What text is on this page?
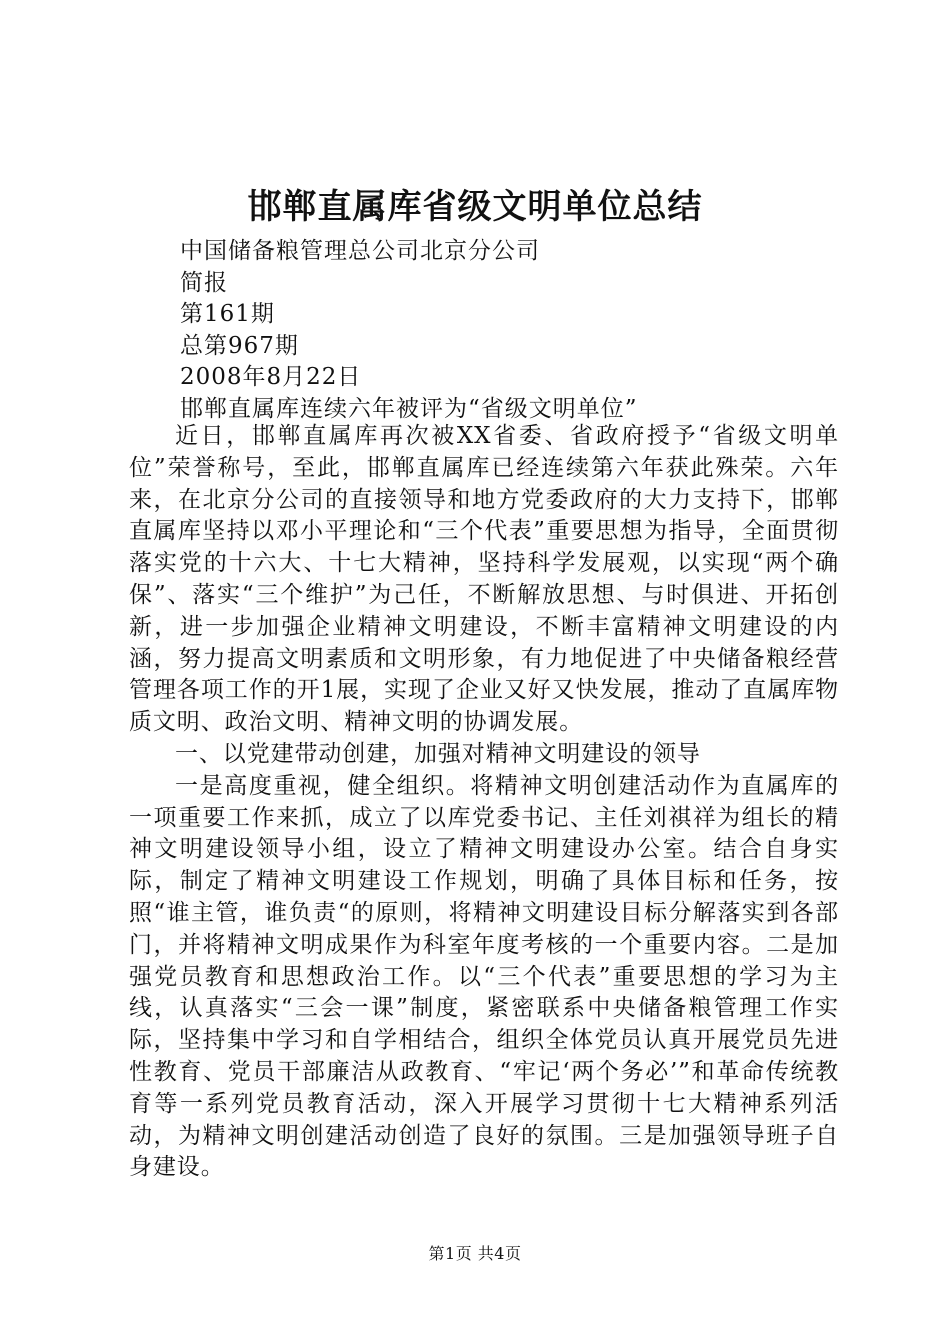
邯郸直属库省级文明单位总结
中国储备粮管理总公司北京分公司
简报
第161期
总第967期
2008年8月22日
邯郸直属库连续六年被评为“省级文明单位”

近日，邯郸直属库再次被XX省委、省政府授予“省级文明单位”荣誉称号，至此，邯郸直属库已经连续第六年获此殊荣。六年来，在北京分公司的直接领导和地方党委政府的大力支持下，邯郸直属库坚持以邓小平理论和“三个代表”重要思想为指导，全面贯彻落实党的十六大、十七大精神，坚持科学发展观，以实现“两个确保”、落实“三个维护”为己任，不断解放思想、与时俱进、开拓创新，进一步加强企业精神文明建设，不断丰富精神文明建设的内涵，努力提高文明素质和文明形象，有力地促进了中央储备粮经营管理各项工作的开1展，实现了企业又好又快发展，推动了直属库物质文明、政治文明、精神文明的协调发展。

一、以党建带动创建，加强对精神文明建设的领导

一是高度重视，健全组织。将精神文明创建活动作为直属库的一项重要工作来抓，成立了以库党委书记、主任刘祺祥为组长的精神文明建设领导小组，设立了精神文明建设办公室。结合自身实际，制定了精神文明建设工作规划，明确了具体目标和任务，按照“谁主管，谁负责“的原则，将精神文明建设目标分解落实到各部门，并将精神文明成果作为科室年度考核的一个重要内容。二是加强党员教育和思想政治工作。以“三个代表”重要思想的学习为主线，认真落实“三会一课”制度，紧密联系中央储备粮管理工作实际，坚持集中学习和自学相结合，组织全体党员认真开展党员先进性教育、党员干部廉洁从政教育、“牢记‘两个务必’”和革命传统教育等一系列党员教育活动，深入开展学习贯彻十七大精神系列活动，为精神文明创建活动创造了良好的氛围。三是加强领导班子自身建设。

第1页 共4页
